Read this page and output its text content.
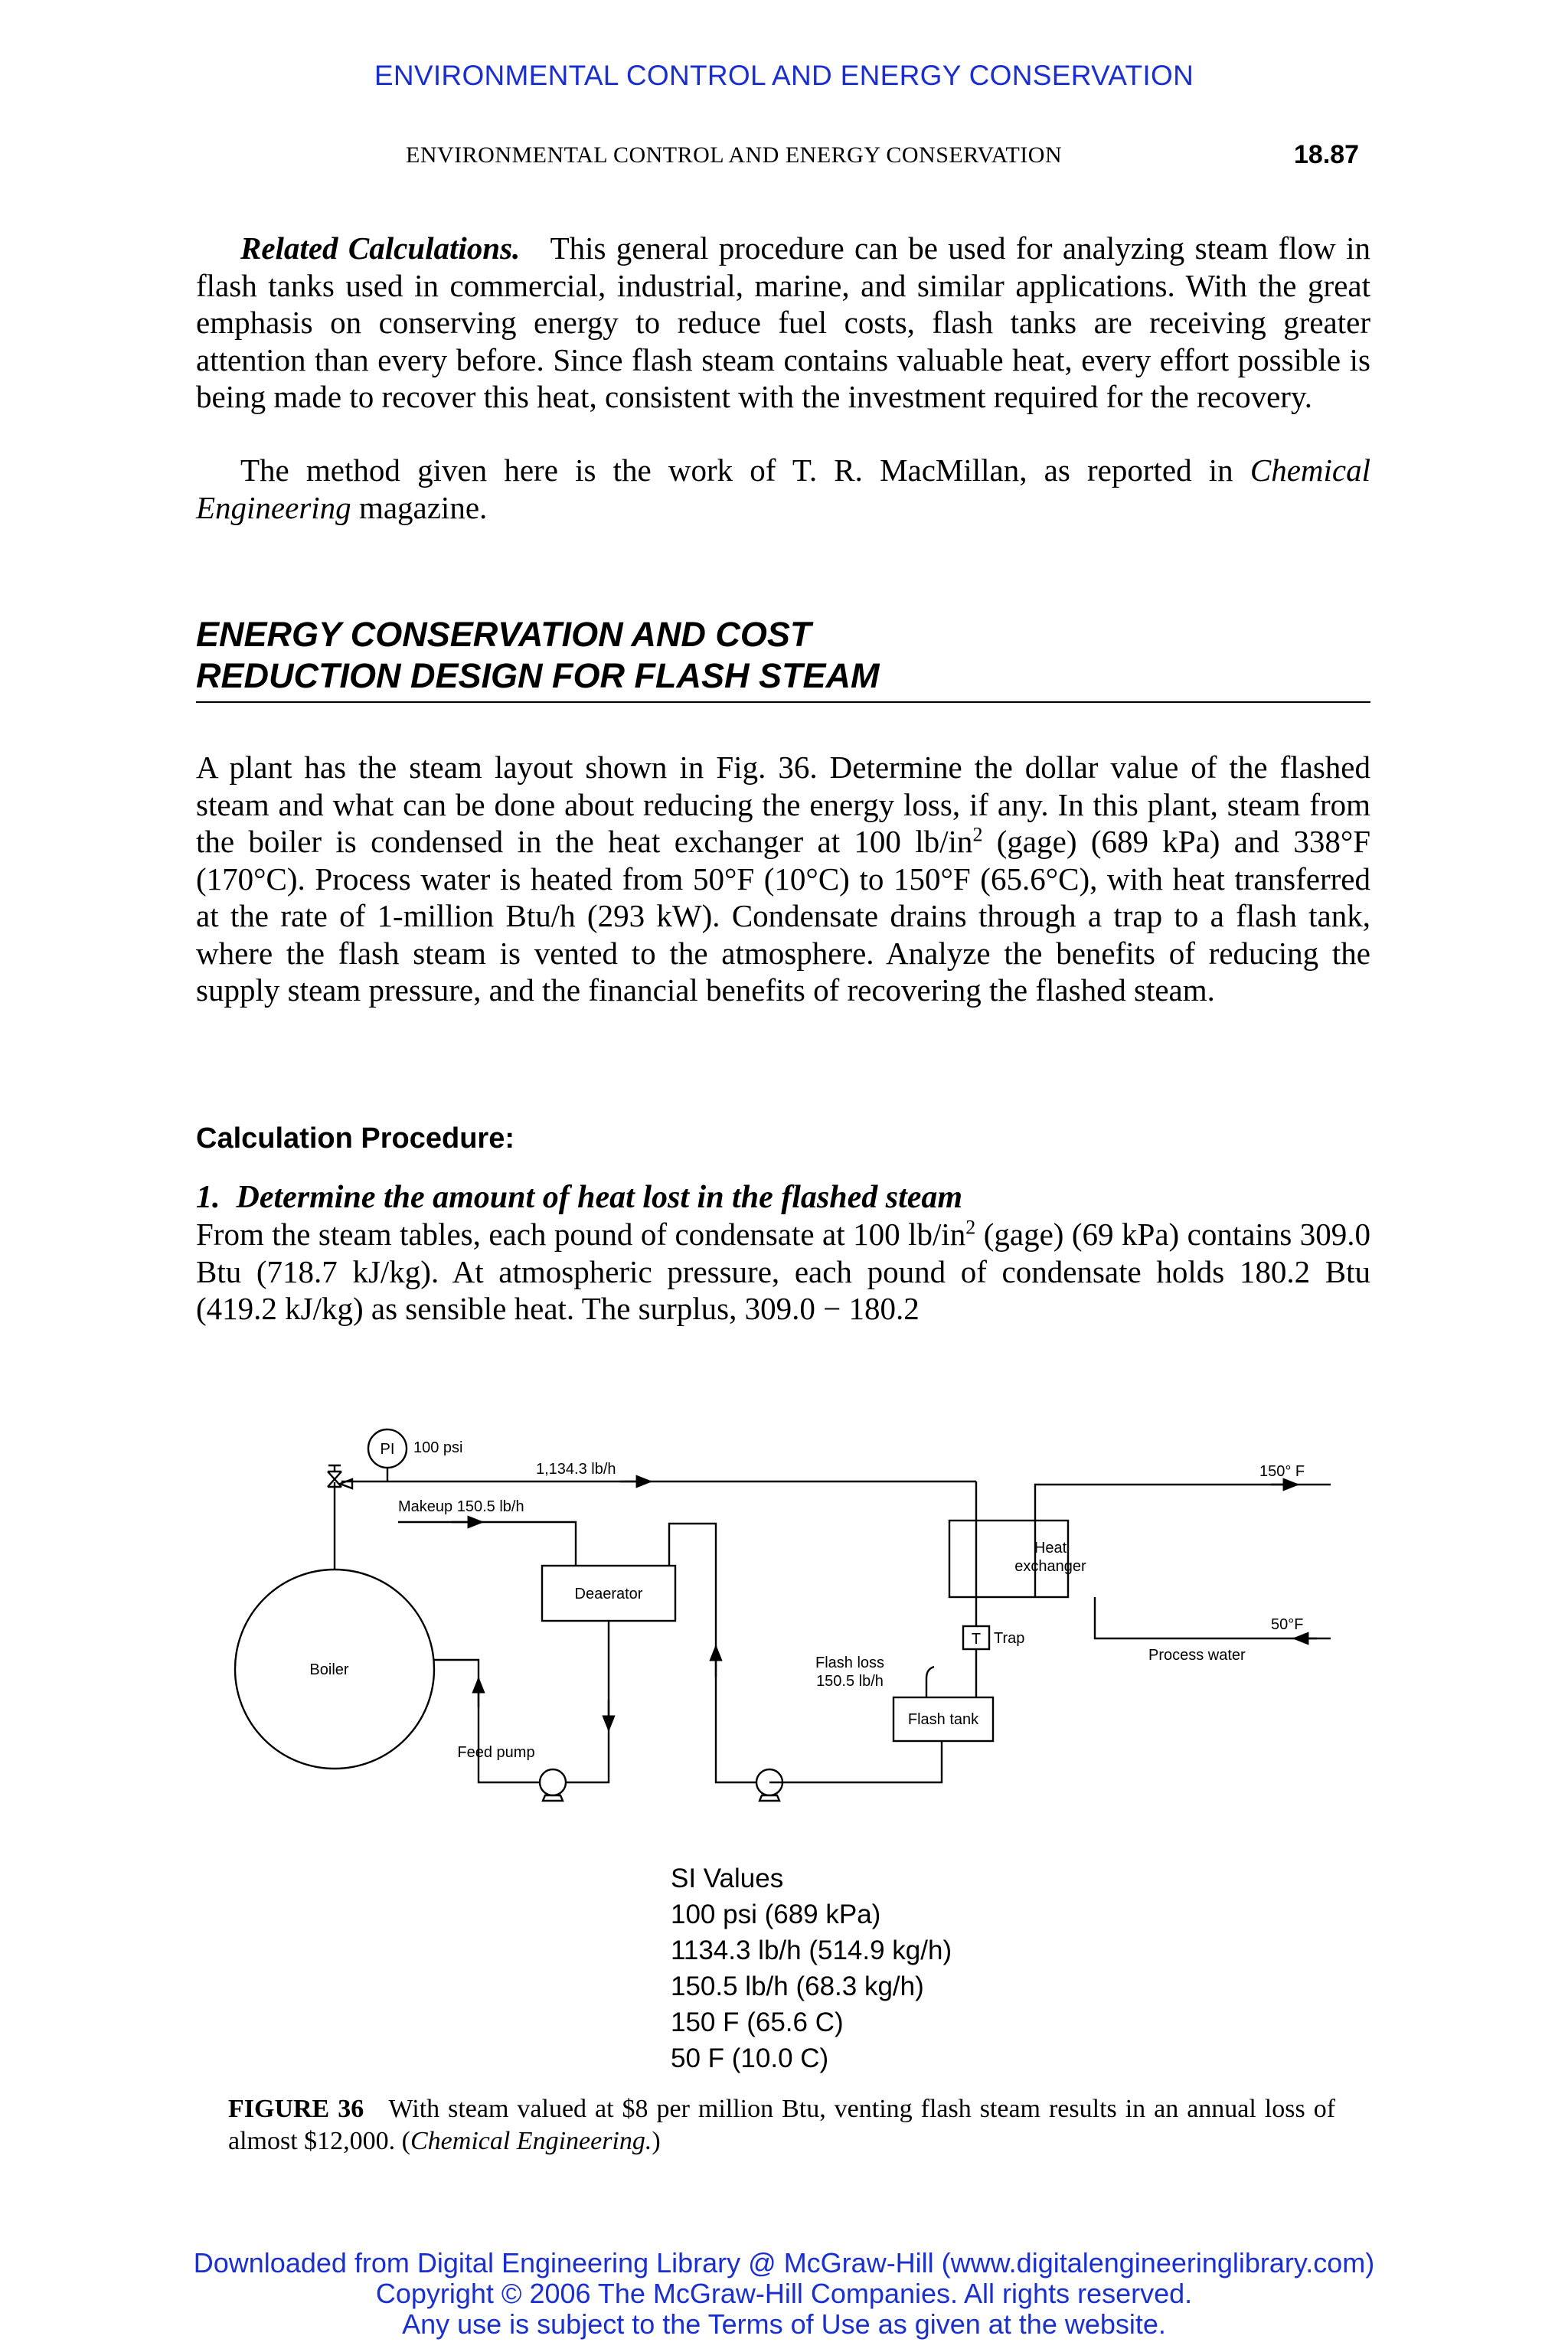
ENVIRONMENTAL CONTROL AND ENERGY CONSERVATION
ENVIRONMENTAL CONTROL AND ENERGY CONSERVATION	18.87

Related Calculations. This general procedure can be used for analyzing steam flow in flash tanks used in commercial, industrial, marine, and similar applications. With the great emphasis on conserving energy to reduce fuel costs, flash tanks are receiving greater attention than every before. Since flash steam contains valuable heat, every effort possible is being made to recover this heat, consistent with the investment required for the recovery.

The method given here is the work of T. R. MacMillan, as reported in Chemical Engineering magazine.

ENERGY CONSERVATION AND COST
REDUCTION DESIGN FOR FLASH STEAM

A plant has the steam layout shown in Fig. 36. Determine the dollar value of the flashed steam and what can be done about reducing the energy loss, if any. In this plant, steam from the boiler is condensed in the heat exchanger at 100 $lb/in^2$ (gage) (689 kPa) and 338°F (170°C). Process water is heated from 50°F (10°C) to 150°F (65.6°C), with heat transferred at the rate of 1-million Btu/h (293 kW). Condensate drains through a trap to a flash tank, where the flash steam is vented to the atmosphere. Analyze the benefits of reducing the supply steam pressure, and the financial benefits of recovering the flashed steam.

Calculation Procedure:
1. Determine the amount of heat lost in the flashed steam

From the steam tables, each pound of condensate at 100 $lb/in^2$ (gage) (69 kPa) contains 309.0 Btu (718.7 kJ/kg). At atmospheric pressure, each pound of condensate holds 180.2 Btu (419.2 kJ/kg) as sensible heat. The surplus, 309.0 − 180.2

PI 100 psi
1,134.3 lb/h	150° F
Makeup 150.5 lb/h
Heat
exchanger
Deaerator
T Trap
50°F
Process water
Boiler	Flash loss
150.5 lb/h
Flash tank
Feed pump
SI Values
100 psi (689 kPa)
1134.3 lb/h (514.9 kg/h)
150.5 lb/h (68.3 kg/h)
150 F (65.6 C)
50 F (10.0 C)
FIGURE 36 With steam valued at $8 per million Btu, venting flash steam results in an annual loss of almost $12,000. (Chemical Engineering.)
Downloaded from Digital Engineering Library @ McGraw-Hill (www.digitalengineeringlibrary.com)
Copyright © 2006 The McGraw-Hill Companies. All rights reserved.
Any use is subject to the Terms of Use as given at the website.
